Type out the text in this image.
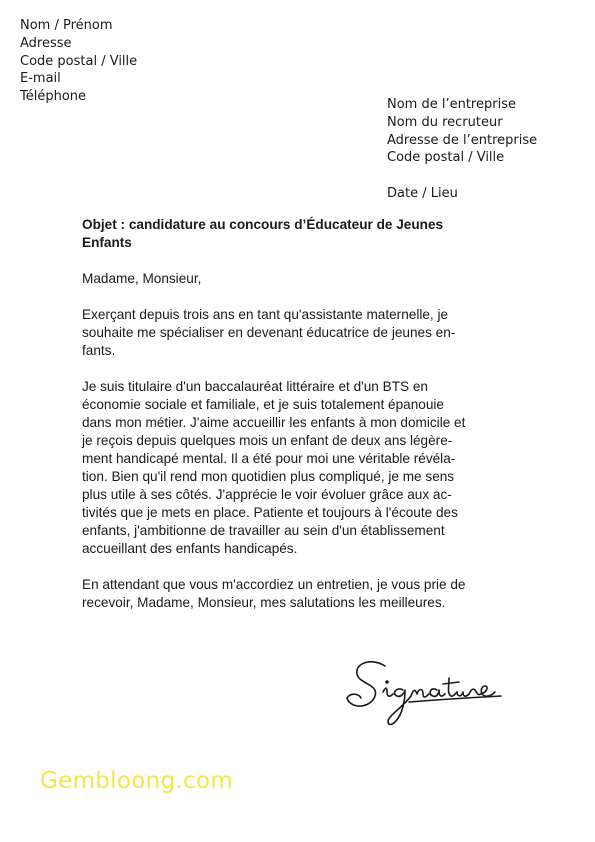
Nom / Prénom
Adresse
Code postal / Ville
E-mail
Téléphone
Nom de l’entreprise
Nom du recruteur
Adresse de l’entreprise
Code postal / Ville
Date / Lieu
Objet : candidature au concours d’Éducateur de Jeunes
Enfants
Madame, Monsieur,
Exerçant depuis trois ans en tant qu'assistante maternelle, je
souhaite me spécialiser en devenant éducatrice de jeunes en-
fants.
Je suis titulaire d'un baccalauréat littéraire et d'un BTS en
économie sociale et familiale, et je suis totalement épanouie
dans mon métier. J'aime accueillir les enfants à mon domicile et
je reçois depuis quelques mois un enfant de deux ans légère-
ment handicapé mental. Il a été pour moi une véritable révéla-
tion. Bien qu'il rend mon quotidien plus compliqué, je me sens
plus utile à ses côtés. J'apprécie le voir évoluer grâce aux ac-
tivités que je mets en place. Patiente et toujours à l'écoute des
enfants, j'ambitionne de travailler au sein d'un établissement
accueillant des enfants handicapés.
En attendant que vous m'accordiez un entretien, je vous prie de
recevoir, Madame, Monsieur, mes salutations les meilleures.
Signature
Gembloong.com
